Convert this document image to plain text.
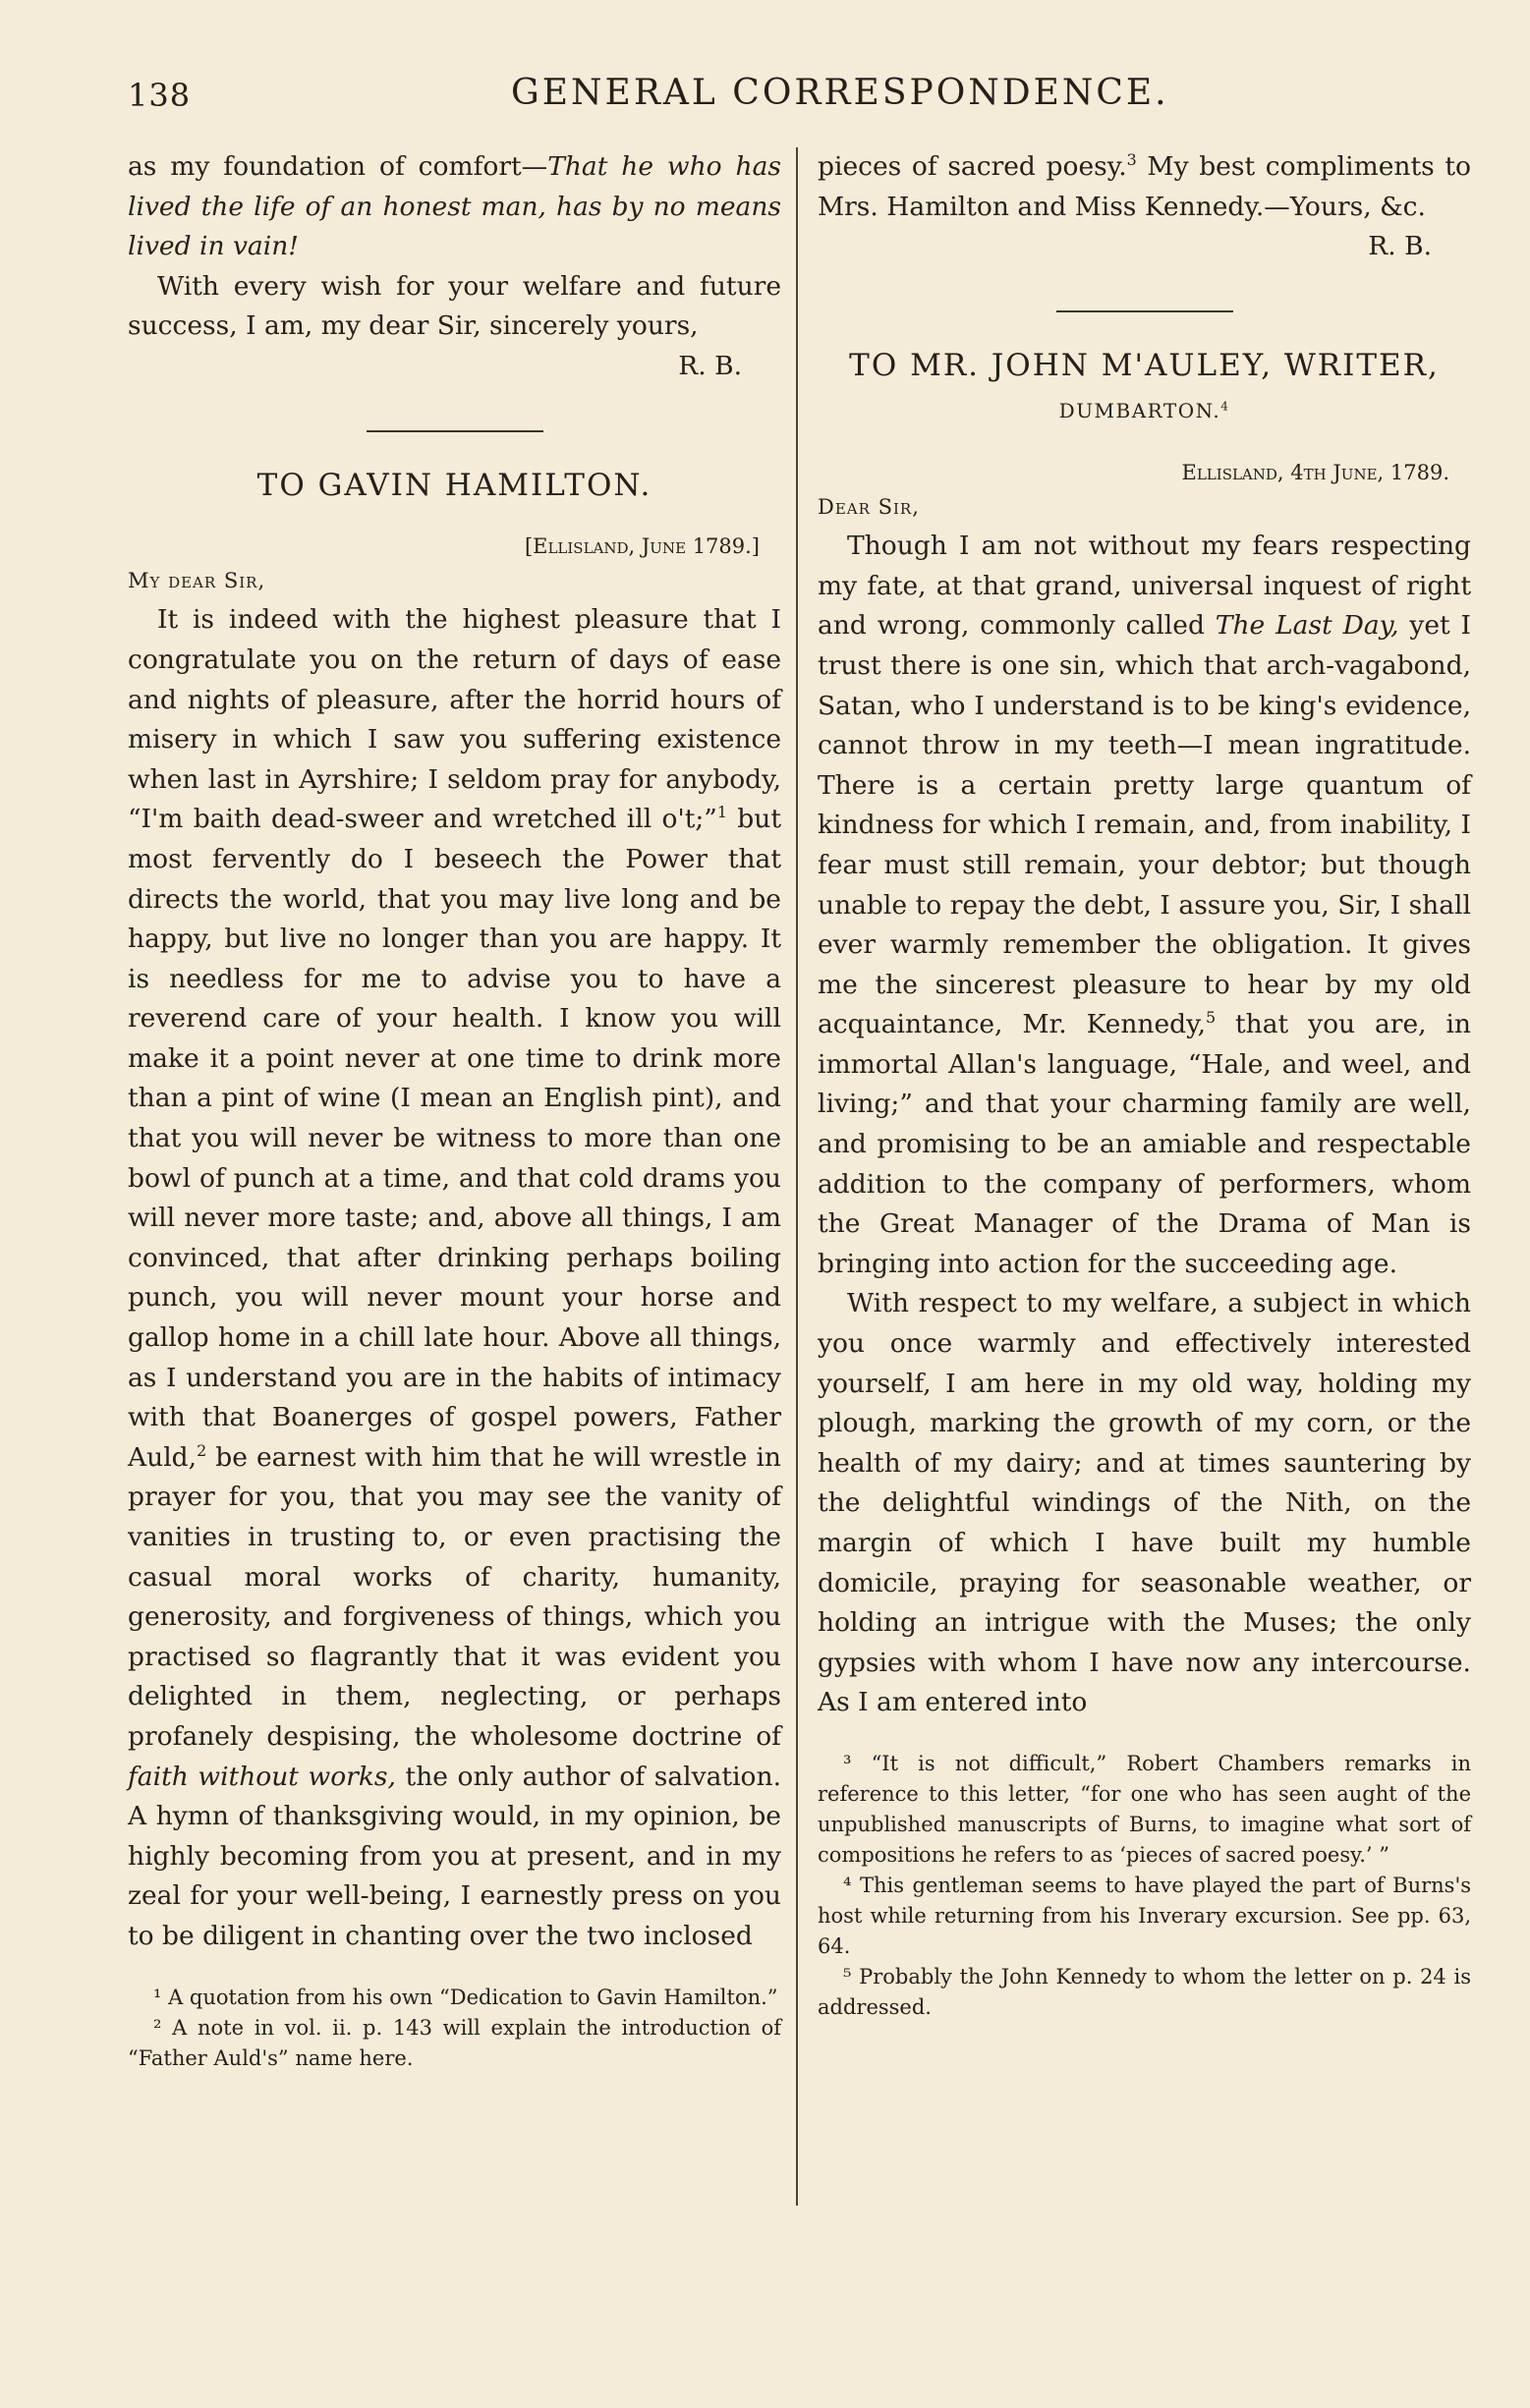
138	GENERAL CORRESPONDENCE.

as my foundation of comfort—That he who has lived the life of an honest man, has by no means lived in vain!

With every wish for your welfare and future success, I am, my dear Sir, sincerely yours,

R. B.

TO GAVIN HAMILTON.

[Ellisland, June 1789.]

My dear Sir,

It is indeed with the highest pleasure that I congratulate you on the return of days of ease and nights of pleasure, after the horrid hours of misery in which I saw you suffering existence when last in Ayrshire; I seldom pray for anybody, “I'm baith dead-sweer and wretched ill o't;”$^1$ but most fervently do I beseech the Power that directs the world, that you may live long and be happy, but live no longer than you are happy. It is needless for me to advise you to have a reverend care of your health. I know you will make it a point never at one time to drink more than a pint of wine (I mean an English pint), and that you will never be witness to more than one bowl of punch at a time, and that cold drams you will never more taste; and, above all things, I am convinced, that after drinking perhaps boiling punch, you will never mount your horse and gallop home in a chill late hour. Above all things, as I understand you are in the habits of intimacy with that Boanerges of gospel powers, Father Auld,$^2$ be earnest with him that he will wrestle in prayer for you, that you may see the vanity of vanities in trusting to, or even practising the casual moral works of charity, humanity, generosity, and forgiveness of things, which you practised so flagrantly that it was evident you delighted in them, neglecting, or perhaps profanely despising, the wholesome doctrine of faith without works, the only author of salvation. A hymn of thanksgiving would, in my opinion, be highly becoming from you at present, and in my zeal for your well-being, I earnestly press on you to be diligent in chanting over the two inclosed

¹ A quotation from his own “Dedication to Gavin Hamilton.”

² A note in vol. ii. p. 143 will explain the introduction of “Father Auld's” name here.

pieces of sacred poesy.$^3$ My best compliments to Mrs. Hamilton and Miss Kennedy.—Yours, &c.

R. B.

TO MR. JOHN M'AULEY, WRITER,

DUMBARTON.$^4$

Ellisland, 4th June, 1789.

Dear Sir,

Though I am not without my fears respecting my fate, at that grand, universal inquest of right and wrong, commonly called The Last Day, yet I trust there is one sin, which that arch-vagabond, Satan, who I understand is to be king's evidence, cannot throw in my teeth—I mean ingratitude. There is a certain pretty large quantum of kindness for which I remain, and, from inability, I fear must still remain, your debtor; but though unable to repay the debt, I assure you, Sir, I shall ever warmly remember the obligation. It gives me the sincerest pleasure to hear by my old acquaintance, Mr. Kennedy,$^5$ that you are, in immortal Allan's language, “Hale, and weel, and living;” and that your charming family are well, and promising to be an amiable and respectable addition to the company of performers, whom the Great Manager of the Drama of Man is bringing into action for the succeeding age.

With respect to my welfare, a subject in which you once warmly and effectively interested yourself, I am here in my old way, holding my plough, marking the growth of my corn, or the health of my dairy; and at times sauntering by the delightful windings of the Nith, on the margin of which I have built my humble domicile, praying for seasonable weather, or holding an intrigue with the Muses; the only gypsies with whom I have now any intercourse. As I am entered into

³ “It is not difficult,” Robert Chambers remarks in reference to this letter, “for one who has seen aught of the unpublished manuscripts of Burns, to imagine what sort of compositions he refers to as ‘pieces of sacred poesy.’ ”

⁴ This gentleman seems to have played the part of Burns's host while returning from his Inverary excursion. See pp. 63, 64.

⁵ Probably the John Kennedy to whom the letter on p. 24 is addressed.
